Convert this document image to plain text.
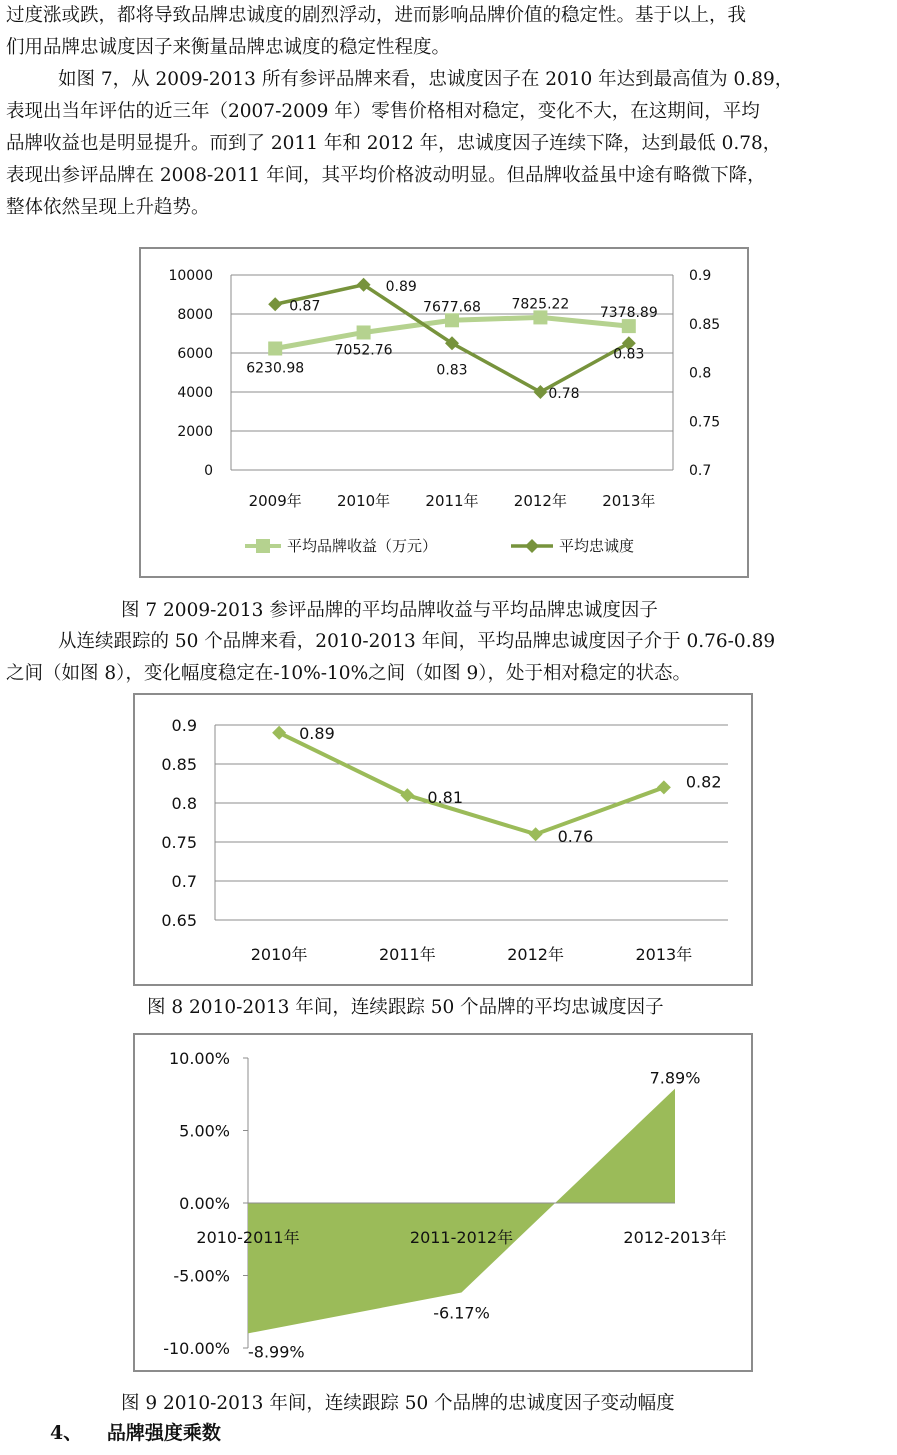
过度涨或跌，都将导致品牌忠诚度的剧烈浮动，进而影响品牌价值的稳定性。基于以上，我
们用品牌忠诚度因子来衡量品牌忠诚度的稳定性程度。
如图 7，从 2009-2013 所有参评品牌来看，忠诚度因子在 2010 年达到最高值为 0.89，
表现出当年评估的近三年（2007-2009 年）零售价格相对稳定，变化不大，在这期间，平均
品牌收益也是明显提升。而到了 2011 年和 2012 年，忠诚度因子连续下降，达到最低 0.78，
表现出参评品牌在 2008-2011 年间，其平均价格波动明显。但品牌收益虽中途有略微下降，
整体依然呈现上升趋势。
0
2000
4000
6000
8000
10000
0.7
0.75
0.8
0.85
0.9
2009年 2010年 2011年 2012年 2013年
6230.98
7052.76
7677.68 7825.22
7378.89
0.87
0.89
0.83
0.78
0.83
平均品牌收益（万元）	平均忠诚度

图 7 2009-2013 参评品牌的平均品牌收益与平均品牌忠诚度因子

从连续跟踪的 50 个品牌来看，2010-2013 年间，平均品牌忠诚度因子介于 0.76-0.89
之间（如图 8），变化幅度稳定在-10%-10%之间（如图 9），处于相对稳定的状态。
0.65
0.7
0.75
0.8
0.85
0.9
2010年	2011年	2012年	2013年
0.89
0.81
0.76
0.82

图 8 2010-2013 年间，连续跟踪 50 个品牌的平均忠诚度因子

-10.00%
-5.00%
0.00%
5.00%
10.00%
2010-2011年	2011-2012年	2012-2013年
-8.99%
-6.17%
7.89%

图 9 2010-2013 年间，连续跟踪 50 个品牌的忠诚度因子变动幅度

4、 品牌强度乘数
